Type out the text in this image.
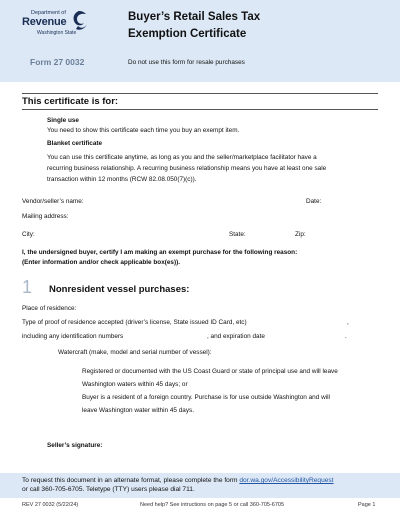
Department of
Revenue
Washington State
Form 27 0032
Buyer’s Retail Sales Tax
Exemption Certificate
Do not use this form for resale purchases
This certificate is for:
Single use
You need to show this certificate each time you buy an exempt item.
Blanket certificate
You can use this certificate anytime, as long as you and the seller/marketplace facilitator have a
recurring business relationship. A recurring business relationship means you have at least one sale
transaction within 12 months (RCW 82.08.050(7)(c)).
Vendor/seller’s name:	Date:
Mailing address:
City:	State:	Zip:
I, the undersigned buyer, certify I am making an exempt purchase for the following reason:
(Enter information and/or check applicable box(es)).
1 Nonresident vessel purchases:
Place of residence:
Type of proof of residence accepted (driver’s license, State issued ID Card, etc)	,
including any identification numbers	, and expiration date	.
Watercraft (make, model and serial number of vessel):
Registered or documented with the US Coast Guard or state of principal use and will leave
Washington waters within 45 days; or
Buyer is a resident of a foreign country. Purchase is for use outside Washington and will
leave Washington water within 45 days.
Seller’s signature:
To request this document in an alternate format, please complete the form dor.wa.gov/AccessibilityRequest
or call 360-705-6705. Teletype (TTY) users please dial 711.
REV 27 0032 (5/22/24)	Need help? See intructions on page 5 or call 360-705-6705	Page 1
